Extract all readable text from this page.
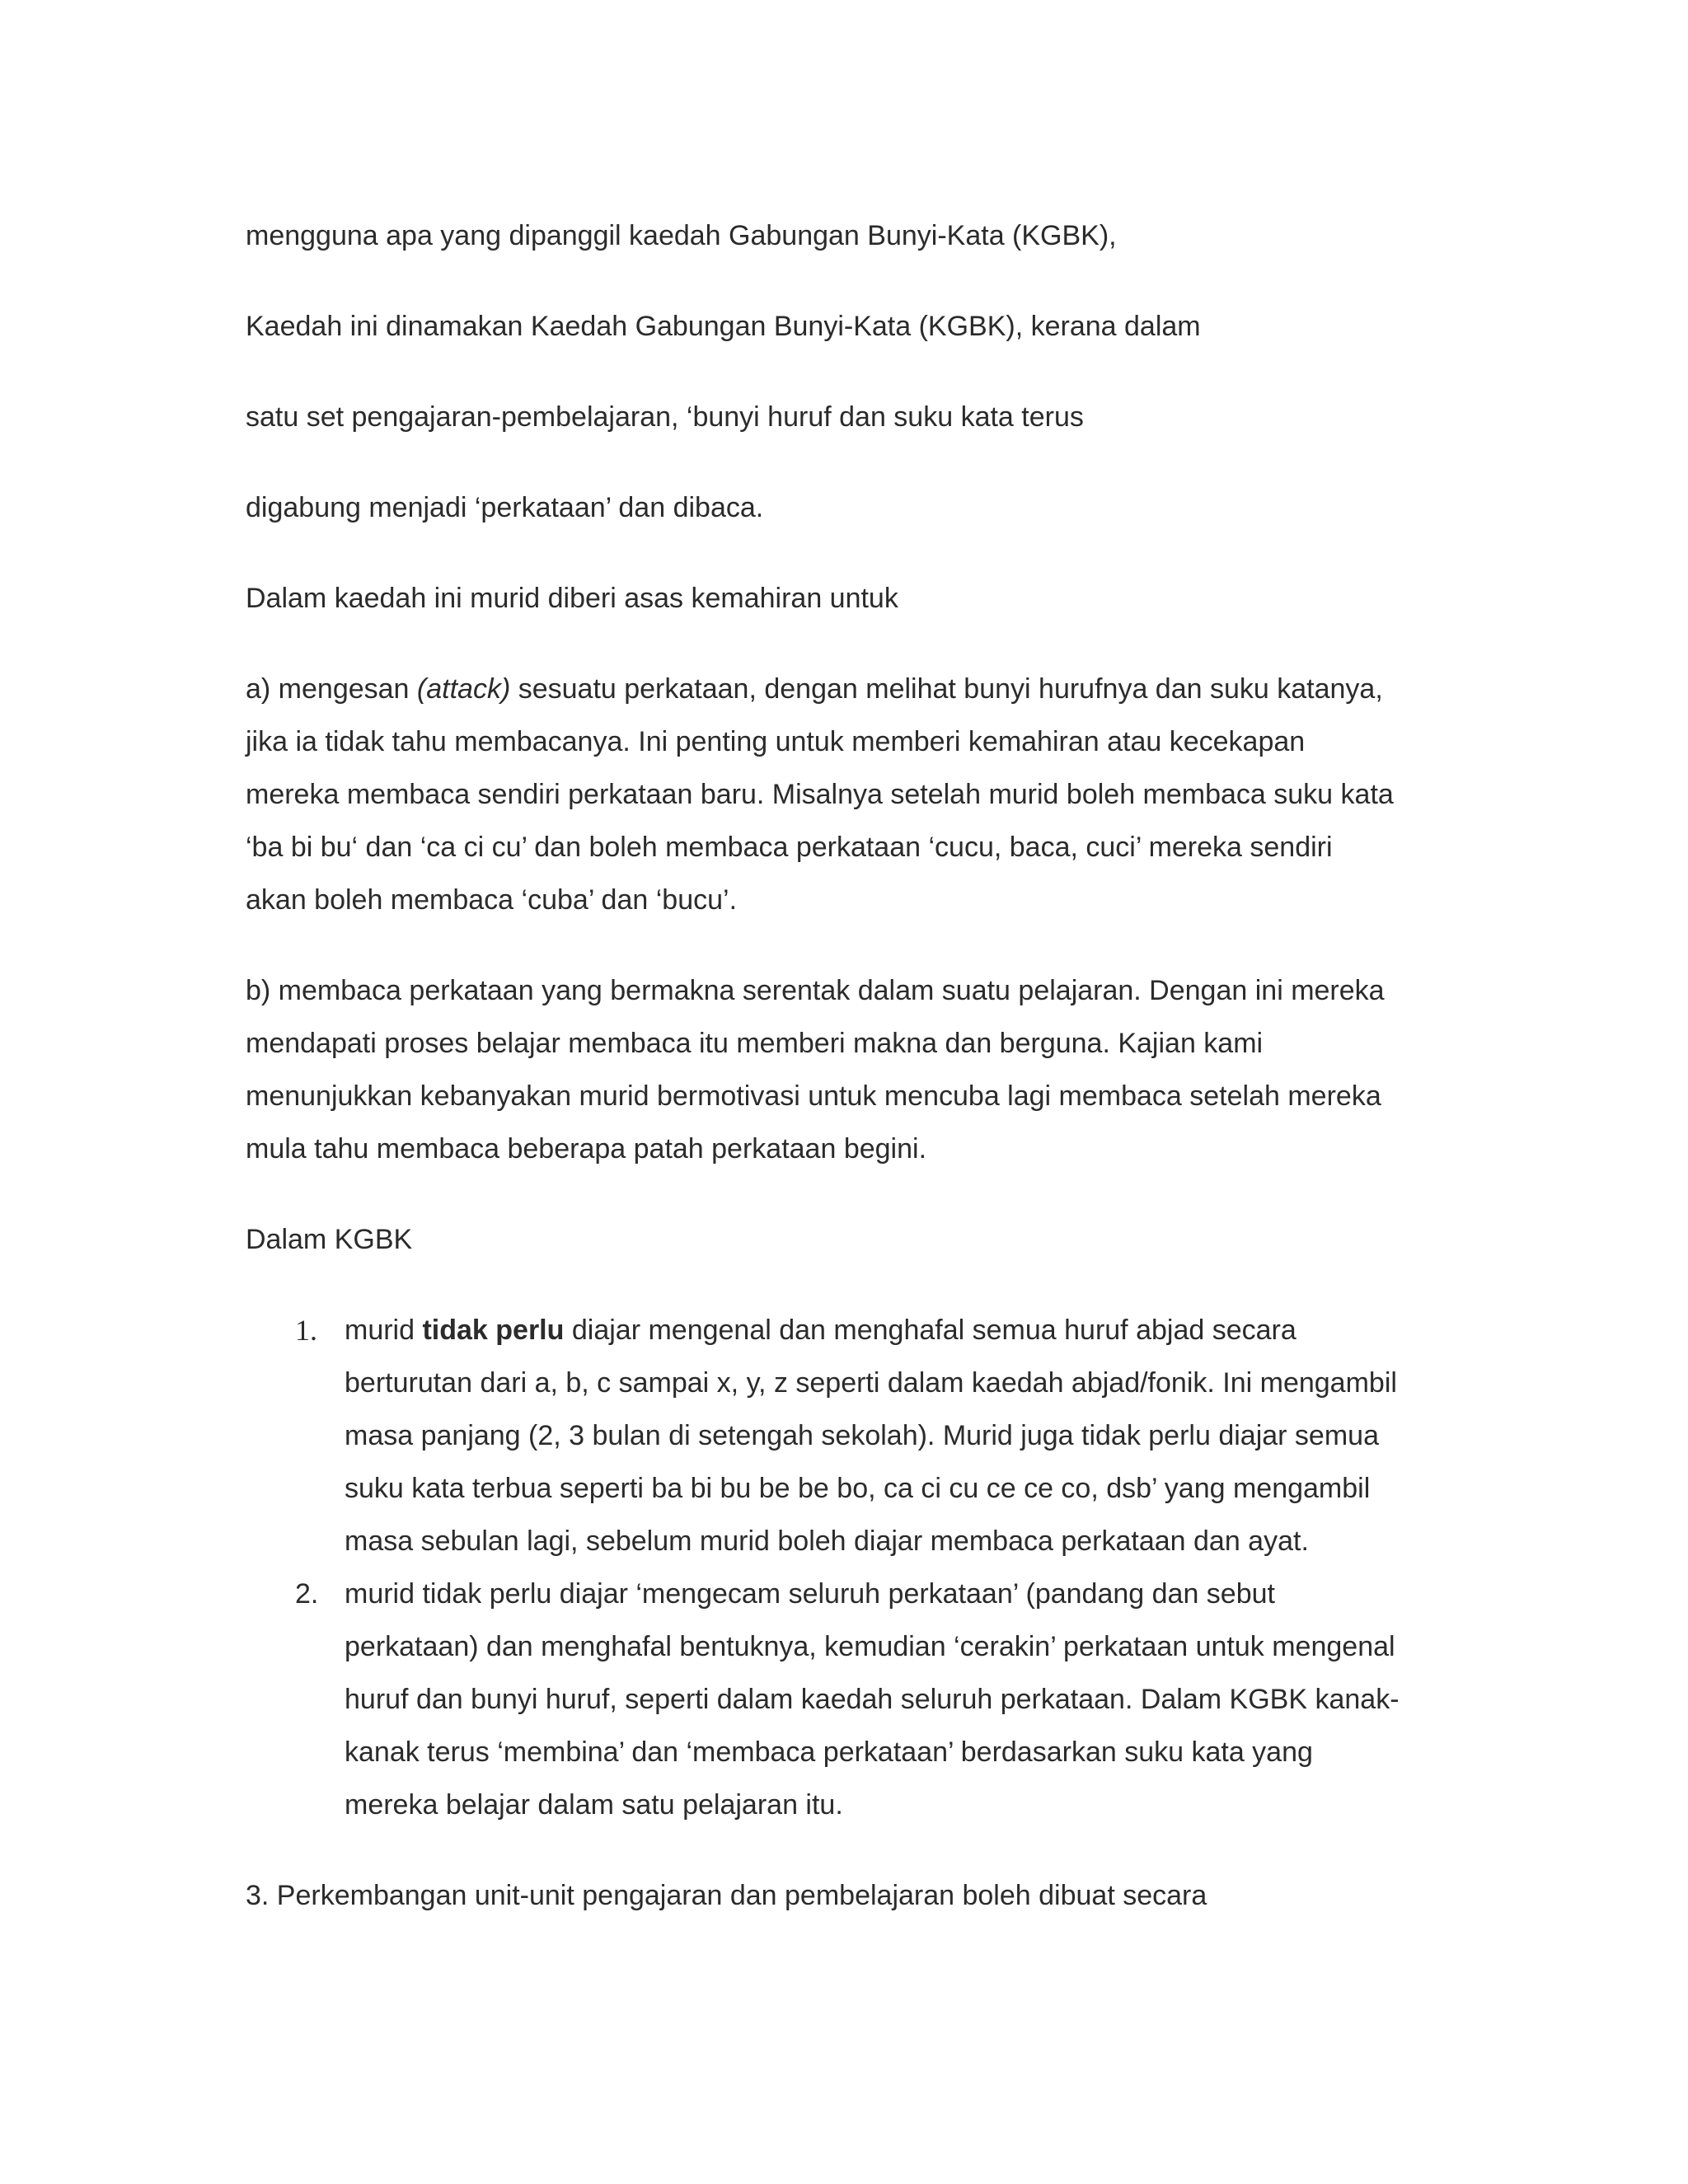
mengguna apa yang dipanggil kaedah Gabungan Bunyi-Kata (KGBK),

Kaedah ini dinamakan Kaedah Gabungan Bunyi-Kata (KGBK), kerana dalam

satu set pengajaran-pembelajaran, ‘bunyi huruf dan suku kata terus

digabung menjadi ‘perkataan’ dan dibaca.

Dalam kaedah ini murid diberi asas kemahiran untuk

a) mengesan (attack) sesuatu perkataan, dengan melihat bunyi hurufnya dan suku katanya,
jika ia tidak tahu membacanya. Ini penting untuk memberi kemahiran atau kecekapan
mereka membaca sendiri perkataan baru. Misalnya setelah murid boleh membaca suku kata
‘ba bi bu‘ dan ‘ca ci cu’ dan boleh membaca perkataan ‘cucu, baca, cuci’ mereka sendiri
akan boleh membaca ‘cuba’ dan ‘bucu’.
b) membaca perkataan yang bermakna serentak dalam suatu pelajaran. Dengan ini mereka
mendapati proses belajar membaca itu memberi makna dan berguna. Kajian kami
menunjukkan kebanyakan murid bermotivasi untuk mencuba lagi membaca setelah mereka
mula tahu membaca beberapa patah perkataan begini.

Dalam KGBK

1. murid tidak perlu diajar mengenal dan menghafal semua huruf abjad secara
berturutan dari a, b, c sampai x, y, z seperti dalam kaedah abjad/fonik. Ini mengambil
masa panjang (2, 3 bulan di setengah sekolah). Murid juga tidak perlu diajar semua
suku kata terbua seperti ba bi bu be be bo, ca ci cu ce ce co, dsb’ yang mengambil
masa sebulan lagi, sebelum murid boleh diajar membaca perkataan dan ayat.
2. murid tidak perlu diajar ‘mengecam seluruh perkataan’ (pandang dan sebut
perkataan) dan menghafal bentuknya, kemudian ‘cerakin’ perkataan untuk mengenal
huruf dan bunyi huruf, seperti dalam kaedah seluruh perkataan. Dalam KGBK kanak-
kanak terus ‘membina’ dan ‘membaca perkataan’ berdasarkan suku kata yang
mereka belajar dalam satu pelajaran itu.

3. Perkembangan unit-unit pengajaran dan pembelajaran boleh dibuat secara
